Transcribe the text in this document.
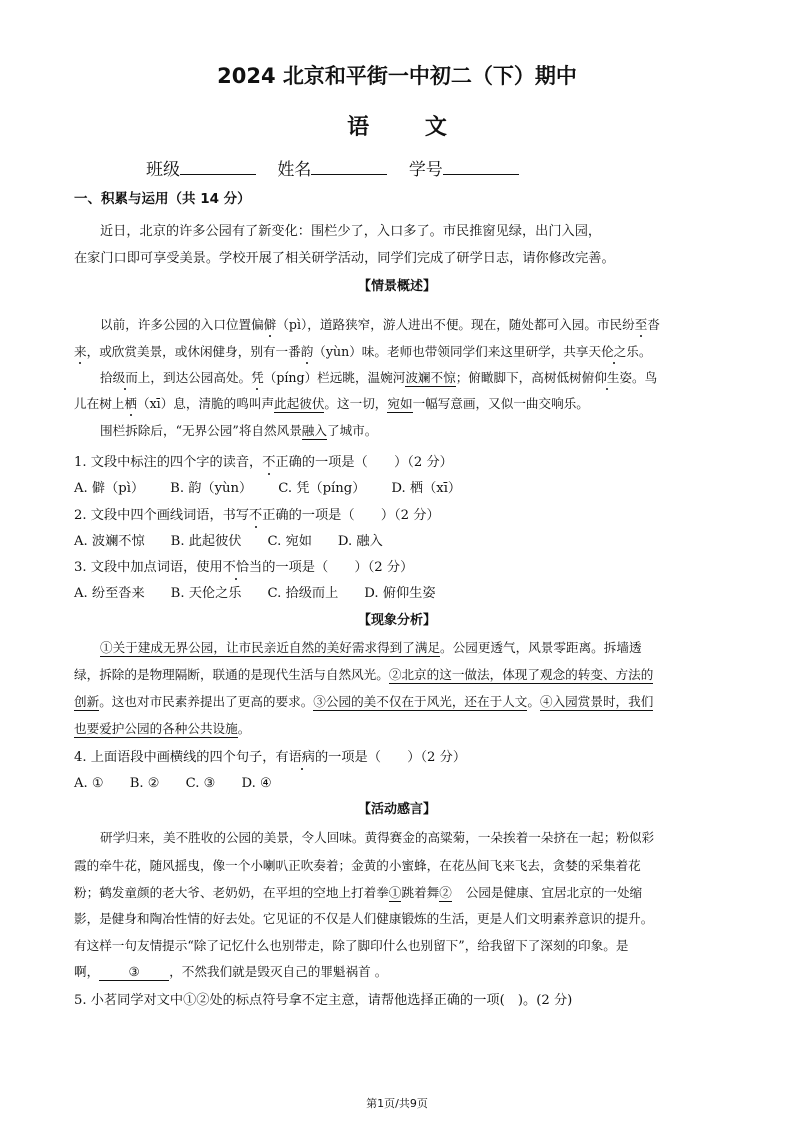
2024 北京和平街一中初二（下）期中
语 文
班级	姓名	学号
一、积累与运用（共 14 分）
近日，北京的许多公园有了新变化：围栏少了，入口多了。市民推窗见绿，出门入园，
在家门口即可享受美景。学校开展了相关研学活动，同学们完成了研学日志，请你修改完善。
【情景概述】
以前，许多公园的入口位置偏僻（pì），道路狭窄，游人进出不便。现在，随处都可入园。市民纷至沓
来，或欣赏美景，或休闲健身，别有一番韵（yùn）味。老师也带领同学们来这里研学，共享天伦之乐。
拾级而上，到达公园高处。凭（píng）栏远眺，温婉河波斓不惊；俯瞰脚下，高树低树俯仰生姿。鸟
儿在树上栖（xī）息，清脆的鸣叫声此起彼伏。这一切，宛如一幅写意画，又似一曲交响乐。
围栏拆除后，“无界公园”将自然风景融入了城市。
1. 文段中标注的四个字的读音，不正确的一项是（　　）（2 分）
A. 僻（pì） B. 韵（yùn） C. 凭（píng） D. 栖（xī）
2. 文段中四个画线词语，书写不正确的一项是（　　）（2 分）
A. 波斓不惊 B. 此起彼伏 C. 宛如 D. 融入
3. 文段中加点词语，使用不恰当的一项是（　　）（2 分）
A. 纷至沓来 B. 天伦之乐 C. 拾级而上 D. 俯仰生姿
【现象分析】
①关于建成无界公园，让市民亲近自然的美好需求得到了满足。公园更透气，风景零距离。拆墙透
绿，拆除的是物理隔断，联通的是现代生活与自然风光。②北京的这一做法，体现了观念的转变、方法的
创新。这也对市民素养提出了更高的要求。③公园的美不仅在于风光，还在于人文。④入园赏景时，我们
也要爱护公园的各种公共设施。
4. 上面语段中画横线的四个句子，有语病的一项是（　　）（2 分）
A. ① B. ② C. ③ D. ④
【活动感言】
研学归来，美不胜收的公园的美景，令人回味。黄得赛金的高粱菊，一朵挨着一朵挤在一起；粉似彩
霞的牵牛花，随风摇曳，像一个小喇叭正吹奏着；金黄的小蜜蜂，在花丛间飞来飞去，贪婪的采集着花
粉；鹤发童颜的老大爷、老奶奶，在平坦的空地上打着拳①跳着舞② 公园是健康、宜居北京的一处缩
影，是健身和陶冶性情的好去处。它见证的不仅是人们健康锻炼的生活，更是人们文明素养意识的提升。
有这样一句友情提示“除了记忆什么也别带走，除了脚印什么也别留下”，给我留下了深刻的印象。是
啊， ③ ，不然我们就是毁灭自己的罪魁祸首 。
5. 小茗同学对文中①②处的标点符号拿不定主意，请帮他选择正确的一项(　)。(2 分)
第1页/共9页
